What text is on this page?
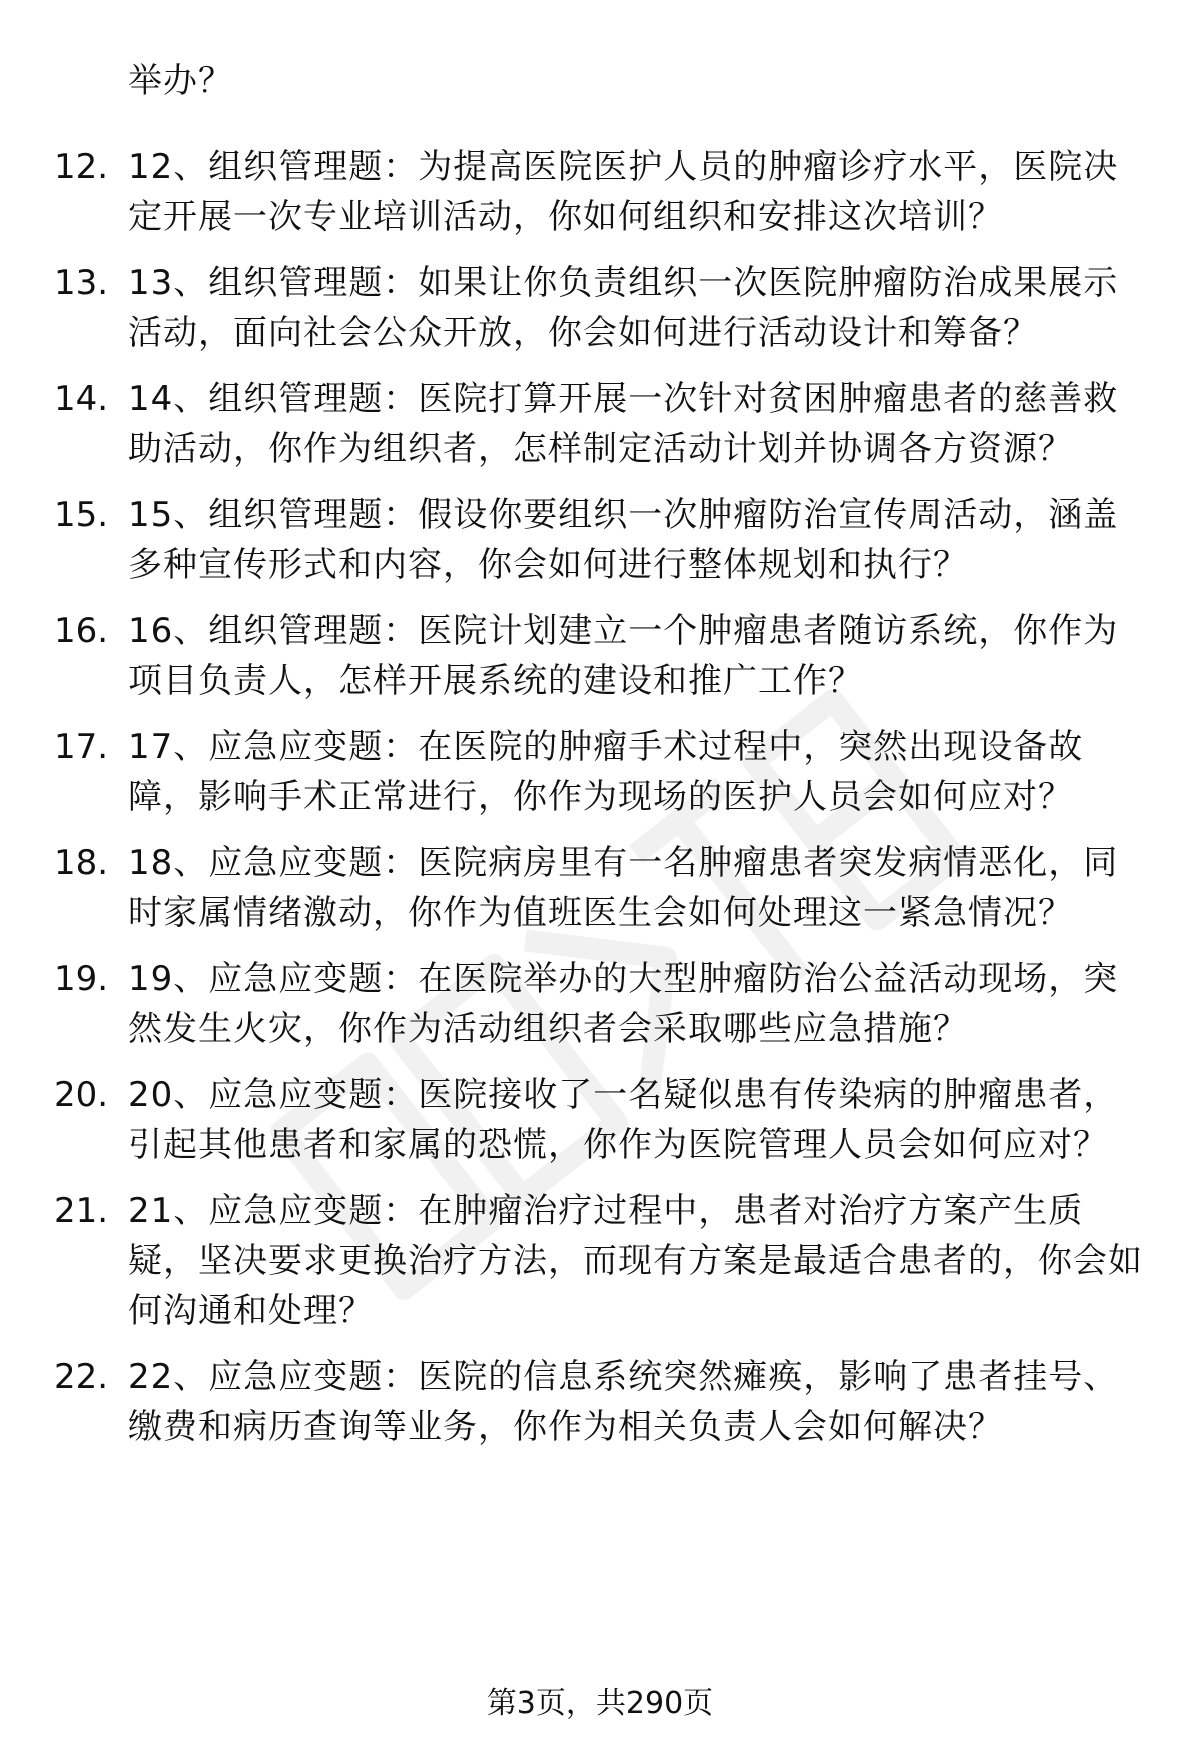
举办？
12. 12、组织管理题：为提高医院医护人员的肿瘤诊疗水平，医院决定开展一次专业培训活动，你如何组织和安排这次培训？
13. 13、组织管理题：如果让你负责组织一次医院肿瘤防治成果展示活动，面向社会公众开放，你会如何进行活动设计和筹备？
14. 14、组织管理题：医院打算开展一次针对贫困肿瘤患者的慈善救助活动，你作为组织者，怎样制定活动计划并协调各方资源？
15. 15、组织管理题：假设你要组织一次肿瘤防治宣传周活动，涵盖多种宣传形式和内容，你会如何进行整体规划和执行？
16. 16、组织管理题：医院计划建立一个肿瘤患者随访系统，你作为项目负责人，怎样开展系统的建设和推广工作？
17. 17、应急应变题：在医院的肿瘤手术过程中，突然出现设备故障，影响手术正常进行，你作为现场的医护人员会如何应对？
18. 18、应急应变题：医院病房里有一名肿瘤患者突发病情恶化，同时家属情绪激动，你作为值班医生会如何处理这一紧急情况？
19. 19、应急应变题：在医院举办的大型肿瘤防治公益活动现场，突然发生火灾，你作为活动组织者会采取哪些应急措施？
20. 20、应急应变题：医院接收了一名疑似患有传染病的肿瘤患者，引起其他患者和家属的恐慌，你作为医院管理人员会如何应对？
21. 21、应急应变题：在肿瘤治疗过程中，患者对治疗方案产生质疑，坚决要求更换治疗方法，而现有方案是最适合患者的，你会如何沟通和处理？
22. 22、应急应变题：医院的信息系统突然瘫痪，影响了患者挂号、缴费和病历查询等业务，你作为相关负责人会如何解决？
第3页，共290页
